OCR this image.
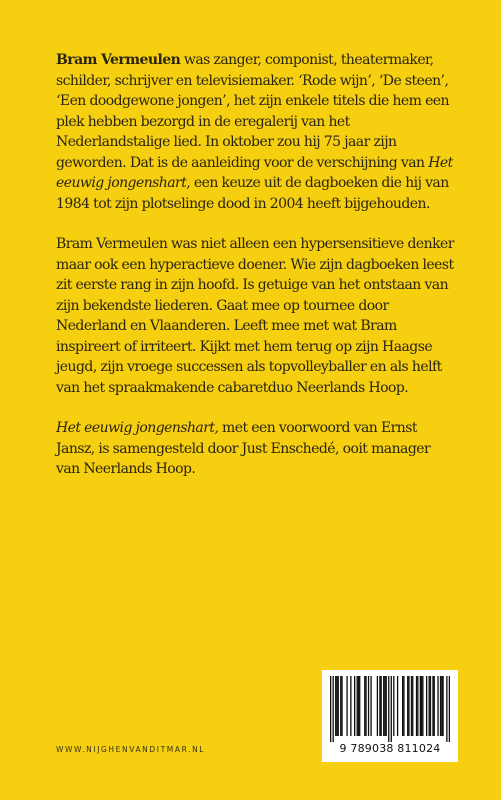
Bram Vermeulen was zanger, componist, theatermaker, schilder, schrijver en televisiemaker. ‘Rode wijn’, ‘De steen’, ‘Een doodgewone jongen’, het zijn enkele titels die hem een plek hebben bezorgd in de eregalerij van het Nederlandstalige lied. In oktober zou hij 75 jaar zijn geworden. Dat is de aanleiding voor de verschijning van Het eeuwig jongenshart, een keuze uit de dagboeken die hij van 1984 tot zijn plotselinge dood in 2004 heeft bijgehouden.

Bram Vermeulen was niet alleen een hypersensitieve denker maar ook een hyperactieve doener. Wie zijn dagboeken leest zit eerste rang in zijn hoofd. Is getuige van het ontstaan van zijn bekendste liederen. Gaat mee op tournee door Nederland en Vlaanderen. Leeft mee met wat Bram inspireert of irriteert. Kijkt met hem terug op zijn Haagse jeugd, zijn vroege successen als topvolleyballer en als helft van het spraakmakende cabaretduo Neerlands Hoop.

Het eeuwig jongenshart, met een voorwoord van Ernst Jansz, is samengesteld door Just Enschedé, ooit manager van Neerlands Hoop.

WWW.NIJGHENVANDITMAR.NL	9 789038 811024
